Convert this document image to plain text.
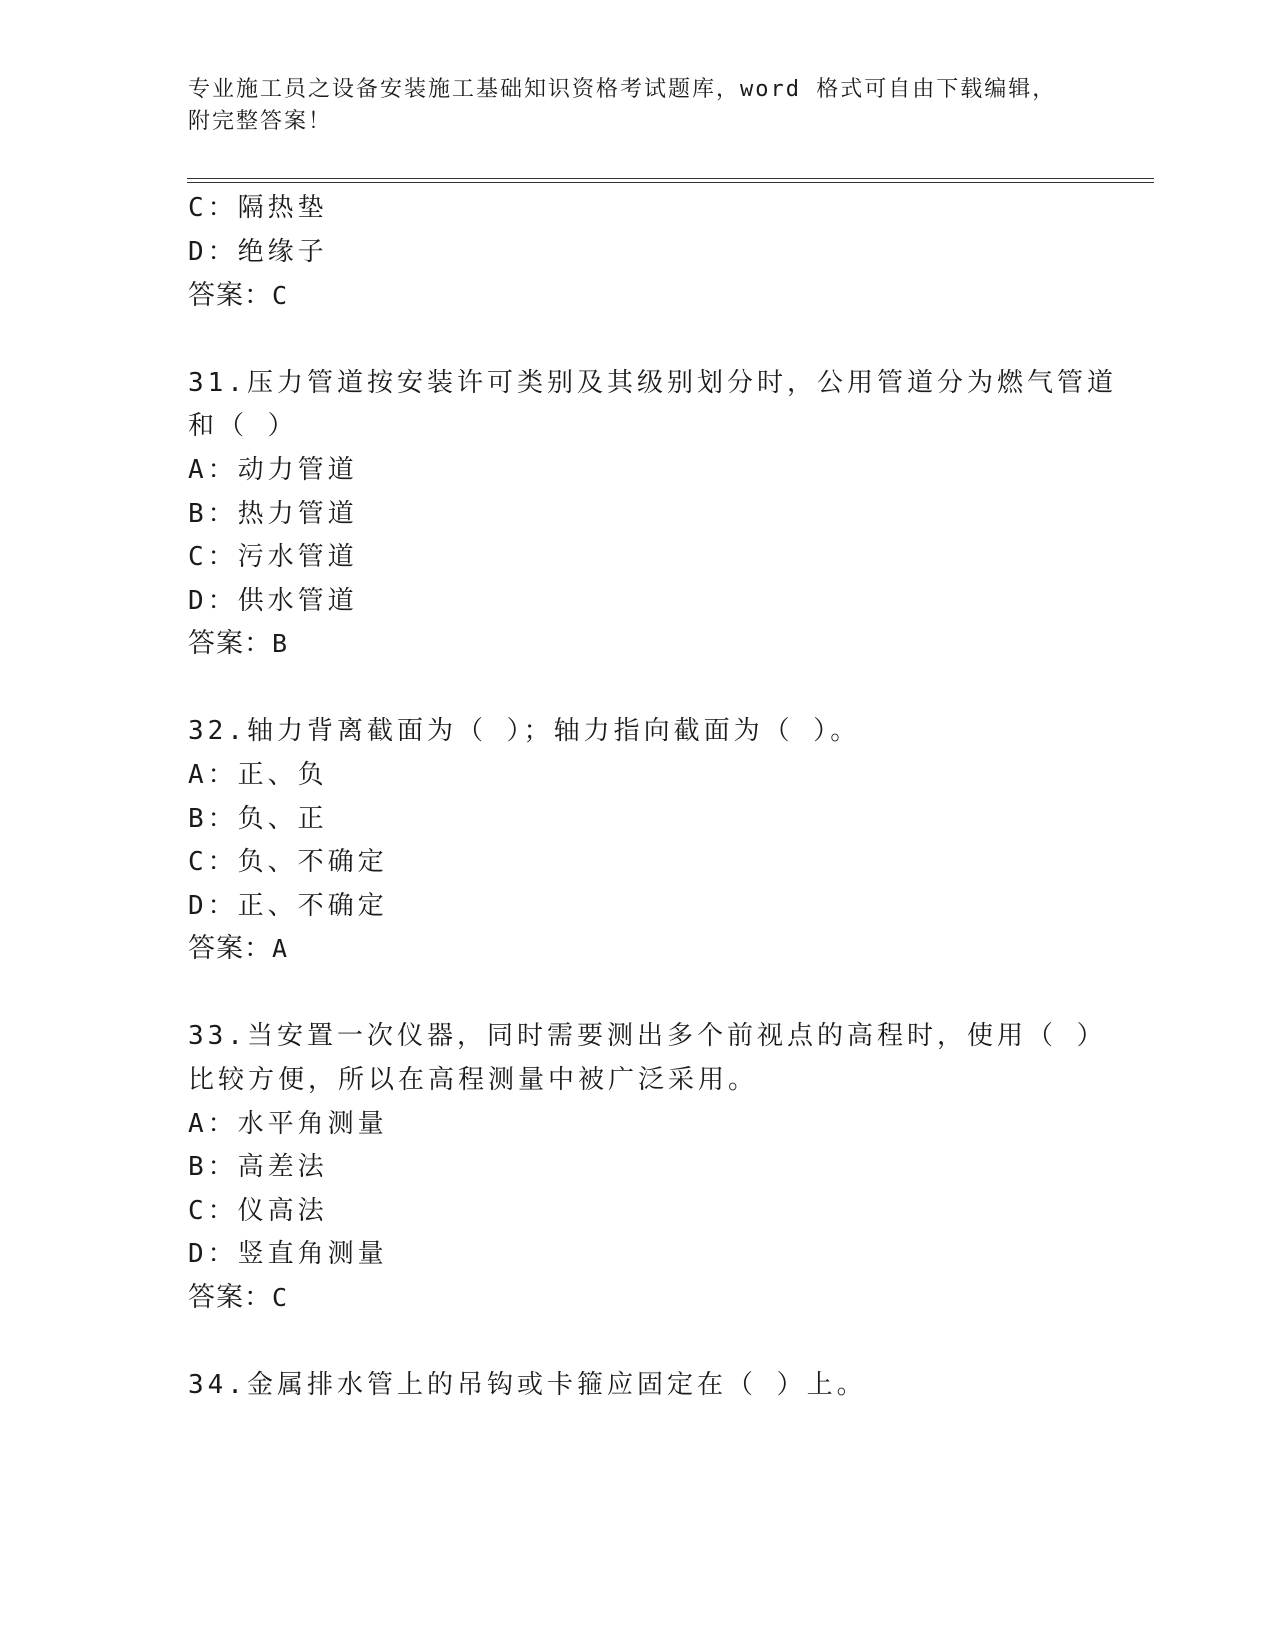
专业施工员之设备安装施工基础知识资格考试题库，word 格式可自由下载编辑，
附完整答案！
C：隔热垫
D：绝缘子
答案：C
31.压力管道按安装许可类别及其级别划分时，公用管道分为燃气管道
和（ ）
A：动力管道
B：热力管道
C：污水管道
D：供水管道
答案：B
32.轴力背离截面为（ ）；轴力指向截面为（ ）。
A：正、负
B：负、正
C：负、不确定
D：正、不确定
答案：A
33.当安置一次仪器，同时需要测出多个前视点的高程时，使用（ ）
比较方便，所以在高程测量中被广泛采用。
A：水平角测量
B：高差法
C：仪高法
D：竖直角测量
答案：C
34.金属排水管上的吊钩或卡箍应固定在（ ）上。
